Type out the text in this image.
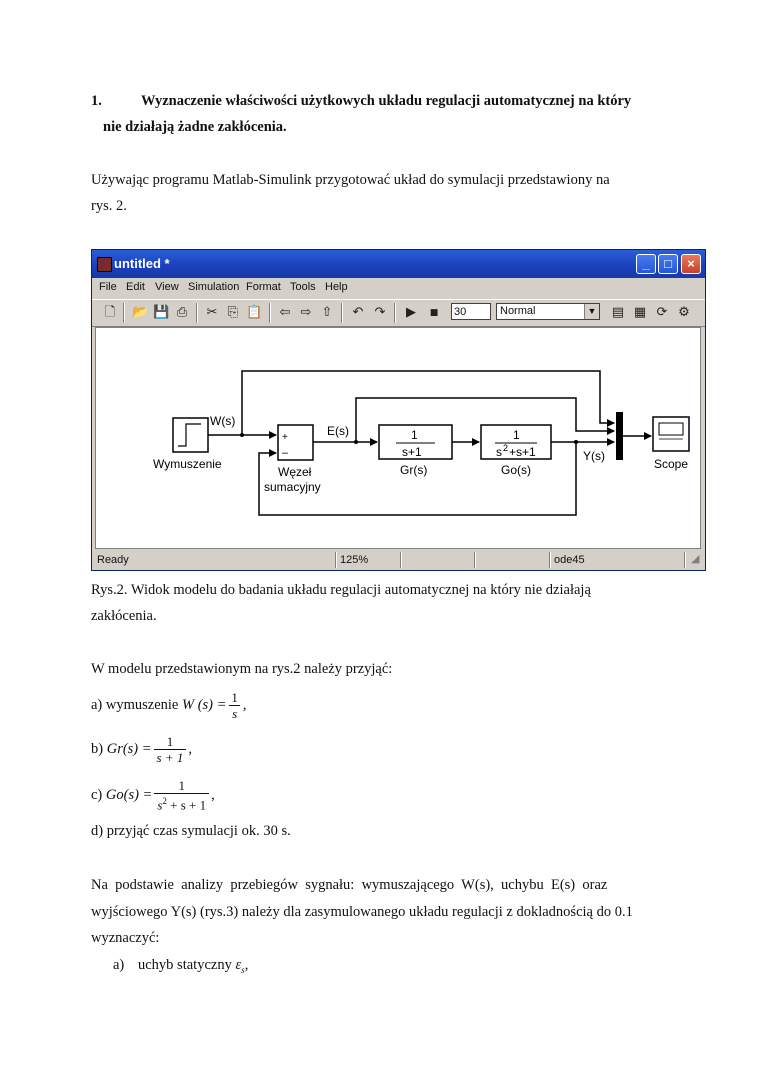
1.	Wyznaczenie właściwości użytkowych układu regulacji automatycznej na który
nie działają żadne zakłócenia.
Używając programu Matlab-Simulink przygotować układ do symulacji przedstawiony na
rys. 2.
untitled *	_	□	×
File Edit View Simulation Format Tools Help
🗋 📂 💾 ⎙ ✂ ⎘ 📋 ⇦ ⇨ ⇧ ↶ ↷ ▶	■	▤ ▦ ⟳ ⚙
30	Normal	▼
Wymuszenie
W(s)
+
–
Węzeł
sumacyjny
E(s)	1
s+1
Gr(s)
1
s 2 +s+1
Go(s)
Y(s)
Scope
Ready	125%	ode45	◢
Rys.2. Widok modelu do badania układu regulacji automatycznej na który nie działają
zakłócenia.
W modelu przedstawionym na rys.2 należy przyjąć:
a) wymuszenie
W $(s) = \frac{1}{s}$ ,
b)
$Gr(s) = \frac{1}{s + 1}$ ,
c)
$Go(s) = \frac{1}{s^2 + s + 1}$ ,
d) przyjąć czas symulacji ok. 30 s.
Na  podstawie  analizy  przebiegów  sygnału:  wymuszającego  W(s),  uchybu  E(s)  oraz
wyjściowego Y(s) (rys.3) należy dla zasymulowanego układu regulacji z dokladnością do 0.1
wyznaczyć:
a) uchyb statyczny $\varepsilon_s$,
